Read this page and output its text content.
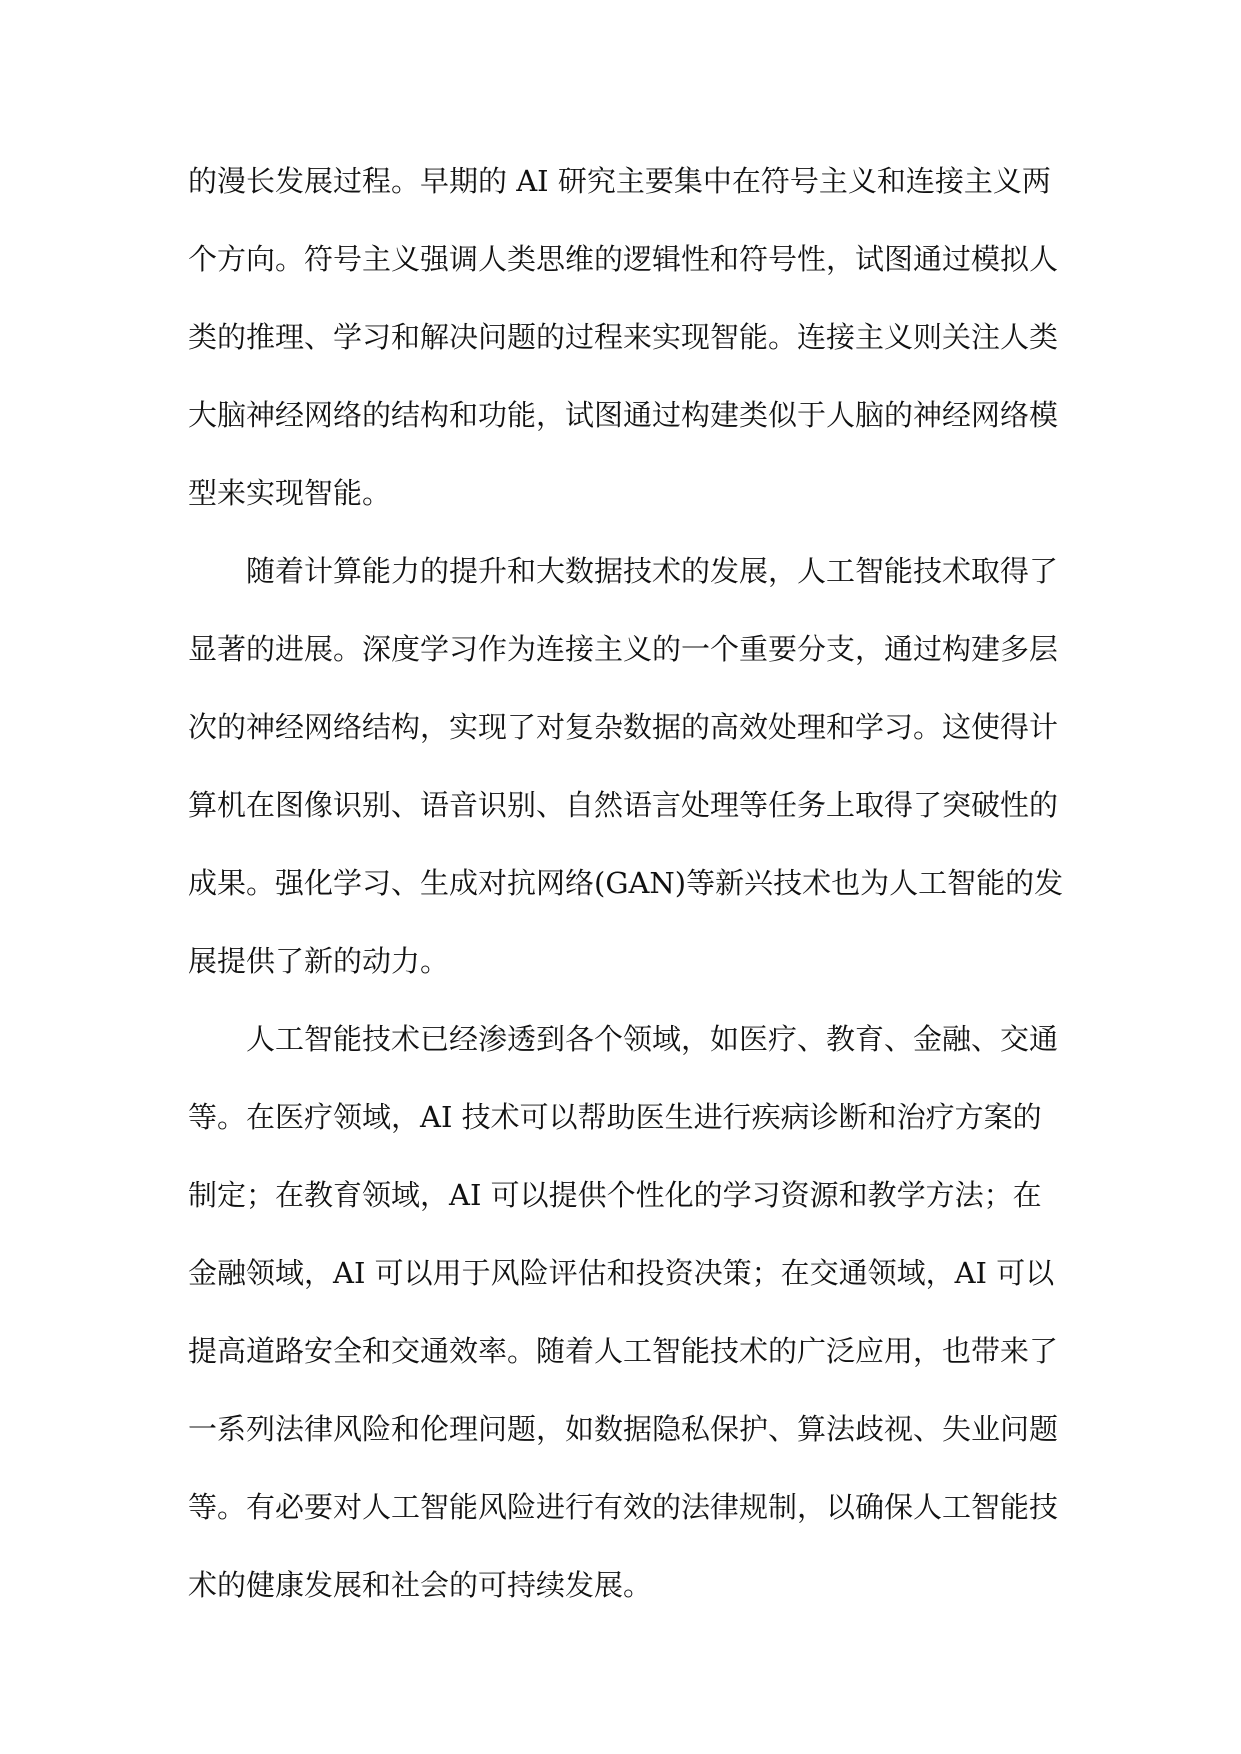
的漫长发展过程。早期的 AI 研究主要集中在符号主义和连接主义两
个方向。符号主义强调人类思维的逻辑性和符号性，试图通过模拟人
类的推理、学习和解决问题的过程来实现智能。连接主义则关注人类
大脑神经网络的结构和功能，试图通过构建类似于人脑的神经网络模
型来实现智能。
随着计算能力的提升和大数据技术的发展，人工智能技术取得了
显著的进展。深度学习作为连接主义的一个重要分支，通过构建多层
次的神经网络结构，实现了对复杂数据的高效处理和学习。这使得计
算机在图像识别、语音识别、自然语言处理等任务上取得了突破性的
成果。强化学习、生成对抗网络(GAN)等新兴技术也为人工智能的发
展提供了新的动力。
人工智能技术已经渗透到各个领域，如医疗、教育、金融、交通
等。在医疗领域，AI 技术可以帮助医生进行疾病诊断和治疗方案的
制定；在教育领域，AI 可以提供个性化的学习资源和教学方法；在
金融领域，AI 可以用于风险评估和投资决策；在交通领域，AI 可以
提高道路安全和交通效率。随着人工智能技术的广泛应用，也带来了
一系列法律风险和伦理问题，如数据隐私保护、算法歧视、失业问题
等。有必要对人工智能风险进行有效的法律规制，以确保人工智能技
术的健康发展和社会的可持续发展。
